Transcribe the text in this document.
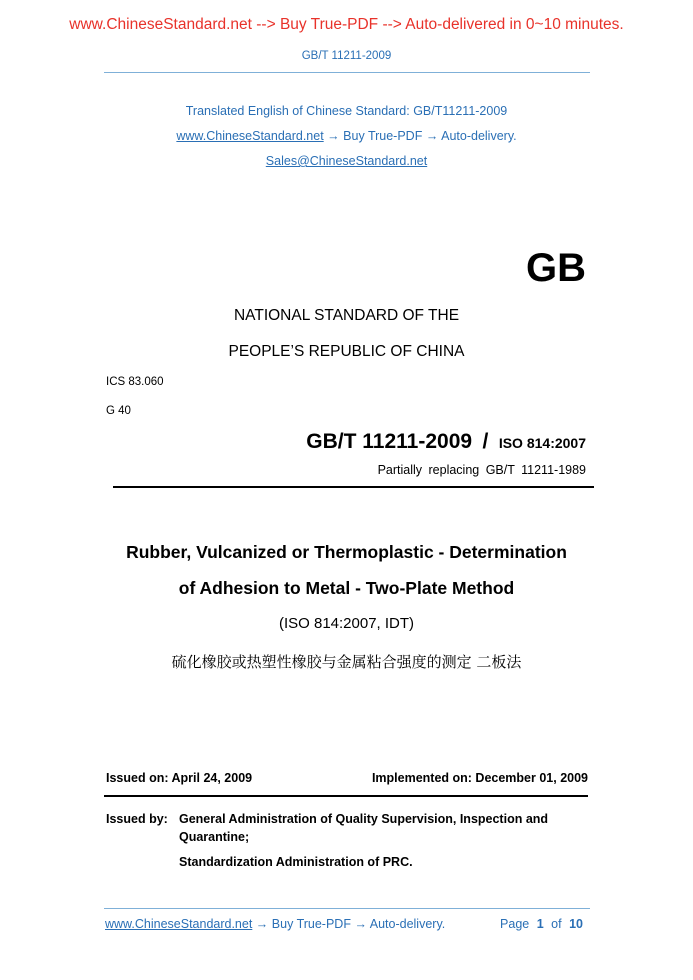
www.ChineseStandard.net --> Buy True-PDF --> Auto-delivered in 0~10 minutes.
GB/T 11211-2009
Translated English of Chinese Standard: GB/T11211-2009
www.ChineseStandard.net → Buy True-PDF → Auto-delivery.
Sales@ChineseStandard.net
GB
NATIONAL STANDARD OF THE
PEOPLE’S REPUBLIC OF CHINA
ICS 83.060
G 40
GB/T 11211-2009 / ISO 814:2007
Partially replacing GB/T 11211-1989
Rubber, Vulcanized or Thermoplastic - Determination
of Adhesion to Metal - Two-Plate Method
(ISO 814:2007, IDT)
硫化橡胶或热塑性橡胶与金属粘合强度的测定 二板法
Issued on: April 24, 2009	Implemented on: December 01, 2009
Issued by: General Administration of Quality Supervision, Inspection and
Quarantine;
Standardization Administration of PRC.
www.ChineseStandard.net → Buy True-PDF → Auto-delivery.	Page 1 of 10
